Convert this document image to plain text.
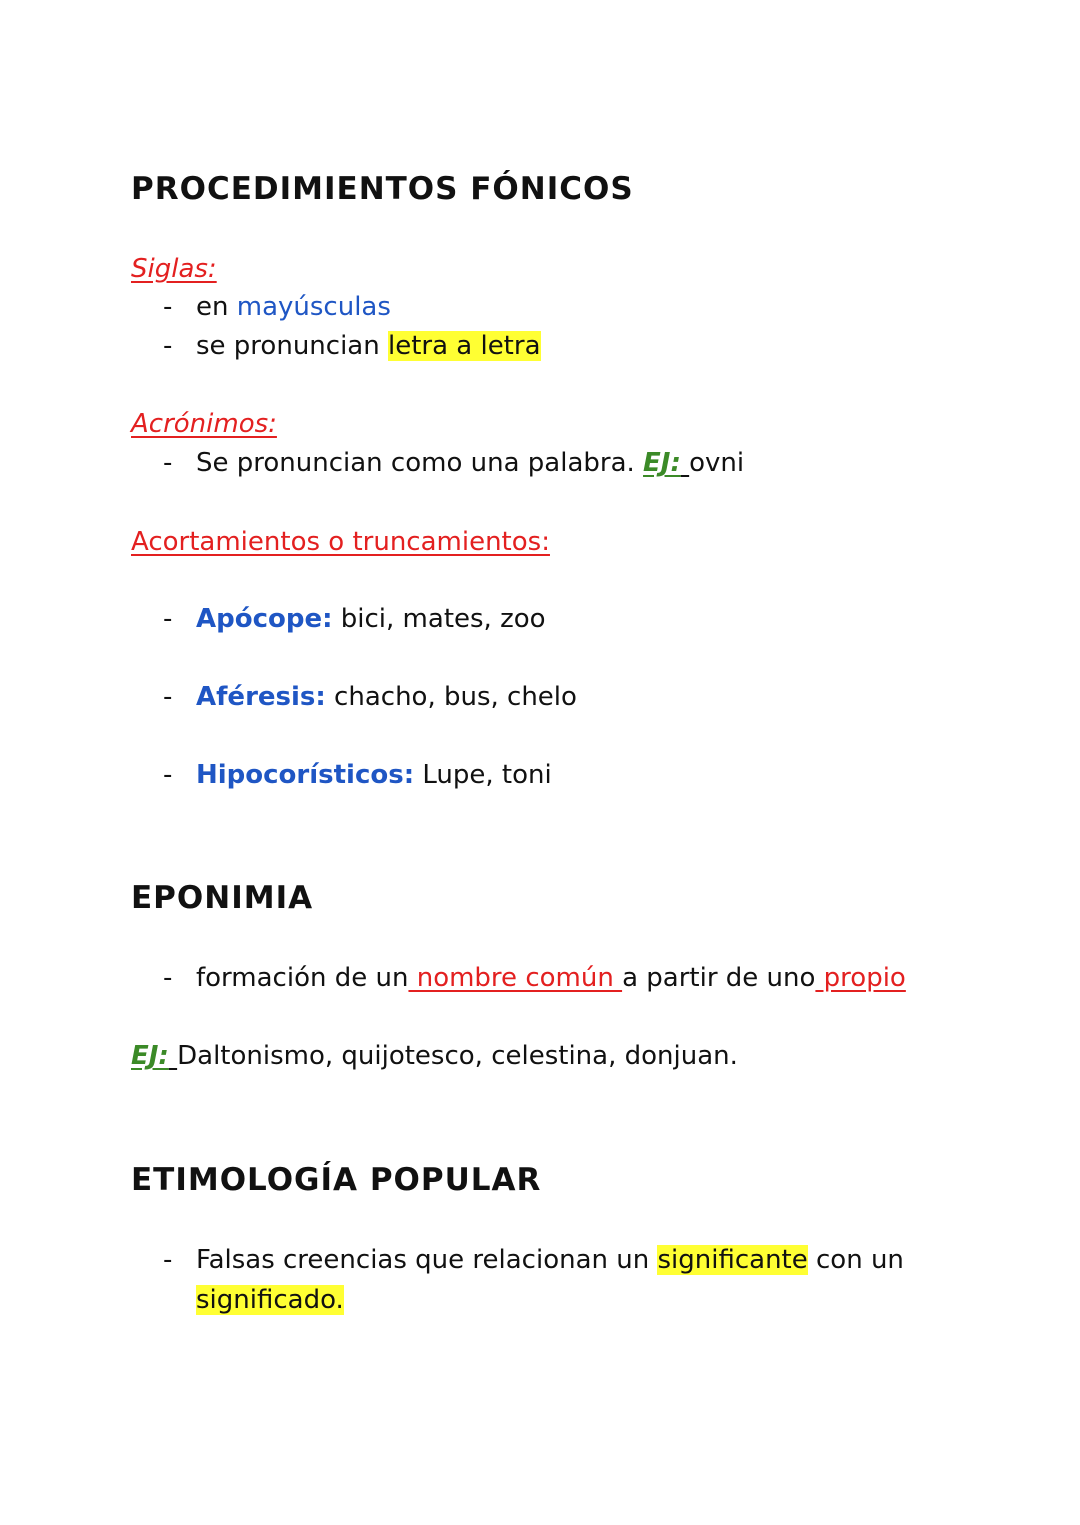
PROCEDIMIENTOS FÓNICOS

Siglas:

- en mayúsculas

- se pronuncian letra a letra

Acrónimos:

- Se pronuncian como una palabra. EJ: ovni

Acortamientos o truncamientos:

- Apócope: bici, mates, zoo

- Aféresis: chacho, bus, chelo

- Hipocorísticos: Lupe, toni

EPONIMIA

- formación de un nombre común a partir de uno propio

EJ: Daltonismo, quijotesco, celestina, donjuan.

ETIMOLOGÍA POPULAR

- Falsas creencias que relacionan un significante con un

significado.
